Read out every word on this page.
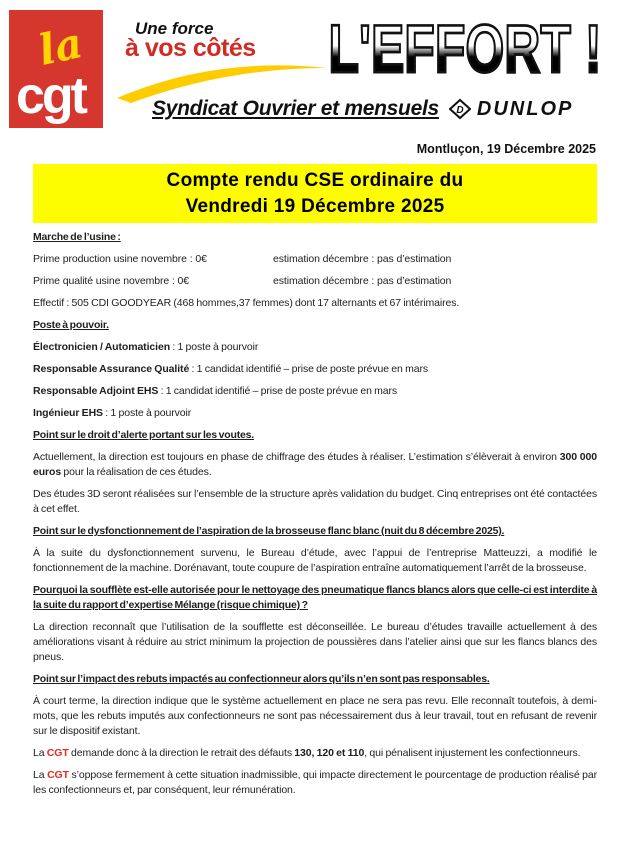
la
cgt
Une force
à vos côtés	L'EFFORT !
Syndicat Ouvrier et mensuels D DUNLOP
Montluçon, 19 Décembre 2025
Compte rendu CSE ordinaire du
Vendredi 19 Décembre 2025

Marche de l’usine :

Prime production usine novembre : 0€	estimation décembre : pas d’estimation
Prime qualité usine novembre : 0€	estimation décembre : pas d’estimation

Effectif : 505 CDI GOODYEAR (468 hommes,37 femmes) dont 17 alternants et 67 intérimaires.

Poste à pouvoir.

Électronicien / Automaticien : 1 poste à pourvoir

Responsable Assurance Qualité : 1 candidat identifié – prise de poste prévue en mars

Responsable Adjoint EHS : 1 candidat identifié – prise de poste prévue en mars

Ingénieur EHS : 1 poste à pourvoir

Point sur le droit d’alerte portant sur les voutes.

Actuellement, la direction est toujours en phase de chiffrage des études à réaliser. L’estimation s’élèverait à environ 300 000 euros pour la réalisation de ces études.

Des études 3D seront réalisées sur l’ensemble de la structure après validation du budget. Cinq entreprises ont été contactées à cet effet.

Point sur le dysfonctionnement de l’aspiration de la brosseuse flanc blanc (nuit du 8 décembre 2025).

À la suite du dysfonctionnement survenu, le Bureau d’étude, avec l’appui de l’entreprise Matteuzzi, a modifié le fonctionnement de la machine. Dorénavant, toute coupure de l’aspiration entraîne automatiquement l’arrêt de la brosseuse.

Pourquoi la soufflète est-elle autorisée pour le nettoyage des pneumatique flancs blancs alors que celle-ci est interdite à la suite du rapport d’expertise Mélange (risque chimique) ?

La direction reconnaît que l’utilisation de la soufflette est déconseillée. Le bureau d’études travaille actuellement à des améliorations visant à réduire au strict minimum la projection de poussières dans l’atelier ainsi que sur les flancs blancs des pneus.

Point sur l’impact des rebuts impactés au confectionneur alors qu’ils n’en sont pas responsables.

À court terme, la direction indique que le système actuellement en place ne sera pas revu. Elle reconnaît toutefois, à demi-mots, que les rebuts imputés aux confectionneurs ne sont pas nécessairement dus à leur travail, tout en refusant de revenir sur le dispositif existant.

La CGT demande donc à la direction le retrait des défauts 130, 120 et 110, qui pénalisent injustement les confectionneurs.

La CGT s’oppose fermement à cette situation inadmissible, qui impacte directement le pourcentage de production réalisé par les confectionneurs et, par conséquent, leur rémunération.
